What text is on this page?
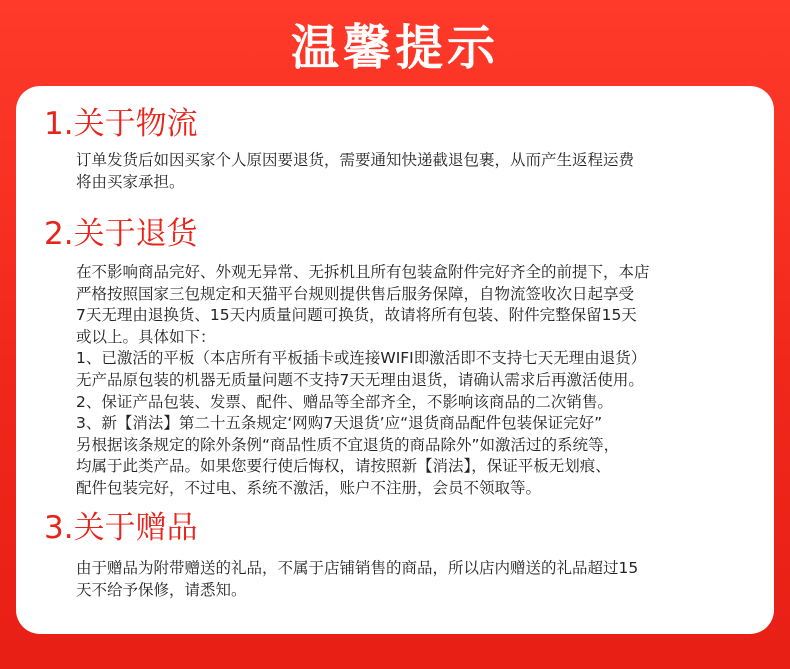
温馨提示
1.关于物流
订单发货后如因买家个人原因要退货，需要通知快递截退包裹，从而产生返程运费
将由买家承担。
2.关于退货
在不影响商品完好、外观无异常、无拆机且所有包装盒附件完好齐全的前提下，本店
严格按照国家三包规定和天猫平台规则提供售后服务保障，自物流签收次日起享受
7天无理由退换货、15天内质量问题可换货，故请将所有包装、附件完整保留15天
或以上。具体如下：
1、已激活的平板（本店所有平板插卡或连接WIFI即激活即不支持七天无理由退货）
无产品原包装的机器无质量问题不支持7天无理由退货，请确认需求后再激活使用。
2、保证产品包装、发票、配件、赠品等全部齐全，不影响该商品的二次销售。
3、新【消法】第二十五条规定‘网购7天退货’应“退货商品配件包装保证完好”
另根据该条规定的除外条例“商品性质不宜退货的商品除外”如激活过的系统等，
均属于此类产品。如果您要行使后悔权，请按照新【消法】，保证平板无划痕、
配件包装完好，不过电、系统不激活，账户不注册，会员不领取等。
3.关于赠品
由于赠品为附带赠送的礼品，不属于店铺销售的商品，所以店内赠送的礼品超过15
天不给予保修，请悉知。
